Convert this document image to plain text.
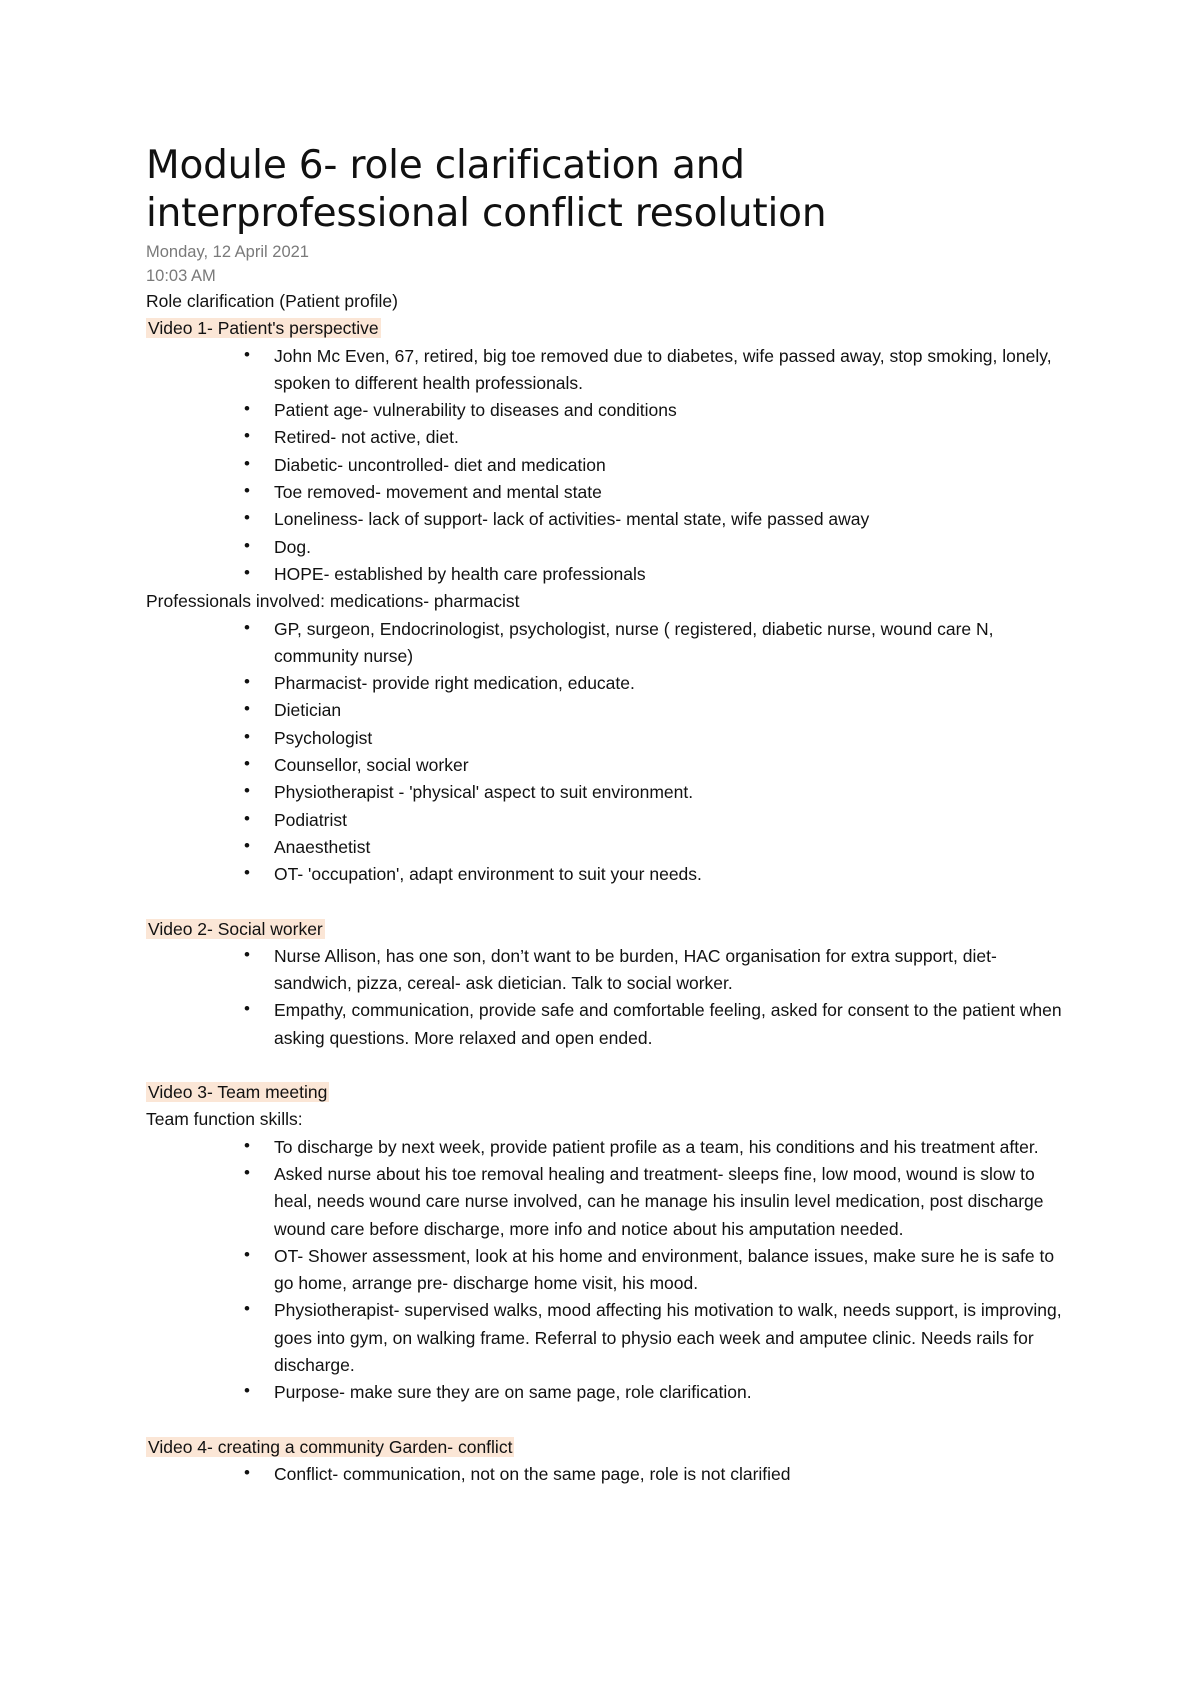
Module 6- role clarification and
interprofessional conflict resolution

Monday, 12 April 2021

10:03 AM

Role clarification (Patient profile)

Video 1- Patient's perspective

• John Mc Even, 67, retired, big toe removed due to diabetes, wife passed away, stop smoking, lonely, spoken to different health professionals.
• Patient age- vulnerability to diseases and conditions
• Retired- not active, diet.
• Diabetic- uncontrolled- diet and medication
• Toe removed- movement and mental state
• Loneliness- lack of support- lack of activities- mental state, wife passed away
• Dog.
• HOPE- established by health care professionals

Professionals involved: medications- pharmacist

• GP, surgeon, Endocrinologist, psychologist, nurse ( registered, diabetic nurse, wound care N, community nurse)
• Pharmacist- provide right medication, educate.
• Dietician
• Psychologist
• Counsellor, social worker
• Physiotherapist - 'physical' aspect to suit environment.
• Podiatrist
• Anaesthetist
• OT- 'occupation', adapt environment to suit your needs.

Video 2- Social worker

• Nurse Allison, has one son, don’t want to be burden, HAC organisation for extra support, diet- sandwich, pizza, cereal- ask dietician. Talk to social worker.
• Empathy, communication, provide safe and comfortable feeling, asked for consent to the patient when asking questions. More relaxed and open ended.

Video 3- Team meeting

Team function skills:

• To discharge by next week, provide patient profile as a team, his conditions and his treatment after.
• Asked nurse about his toe removal healing and treatment- sleeps fine, low mood, wound is slow to heal, needs wound care nurse involved, can he manage his insulin level medication, post discharge wound care before discharge, more info and notice about his amputation needed.
• OT- Shower assessment, look at his home and environment, balance issues, make sure he is safe to go home, arrange pre- discharge home visit, his mood.
• Physiotherapist- supervised walks, mood affecting his motivation to walk, needs support, is improving, goes into gym, on walking frame. Referral to physio each week and amputee clinic. Needs rails for discharge.
• Purpose- make sure they are on same page, role clarification.

Video 4- creating a community Garden- conflict

• Conflict- communication, not on the same page, role is not clarified
